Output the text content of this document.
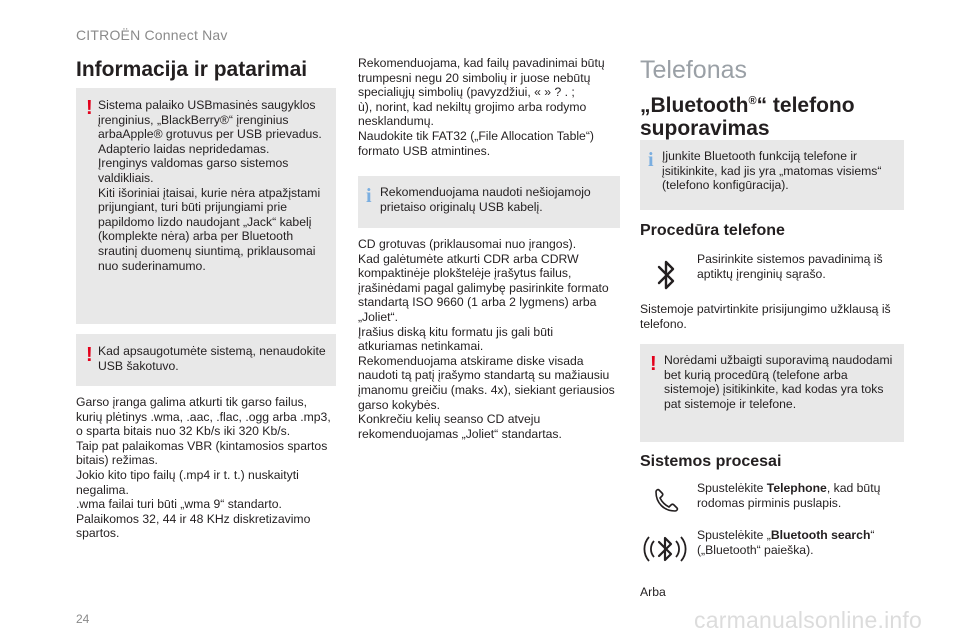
CITROËN Connect Nav
Informacija ir patarimai
! Sistema palaiko USBmasinės saugyklos
įrenginius, „BlackBerry®“ įrenginius
arbaApple® grotuvus per USB prievadus.
Adapterio laidas nepridedamas.
Įrenginys valdomas garso sistemos
valdikliais.
Kiti išoriniai įtaisai, kurie nėra atpažįstami
prijungiant, turi būti prijungiami prie
papildomo lizdo naudojant „Jack“ kabelį
(komplekte nėra) arba per Bluetooth
srautinį duomenų siuntimą, priklausomai
nuo suderinamumo.
! Kad apsaugotumėte sistemą, nenaudokite
USB šakotuvo.
Garso įranga galima atkurti tik garso failus,
kurių plėtinys .wma, .aac, .flac, .ogg arba .mp3,
o sparta bitais nuo 32 Kb/s iki 320 Kb/s.
Taip pat palaikomas VBR (kintamosios spartos
bitais) režimas.
Jokio kito tipo failų (.mp4 ir t. t.) nuskaityti
negalima.
.wma failai turi būti „wma 9“ standarto.
Palaikomos 32, 44 ir 48 KHz diskretizavimo
spartos.
Rekomenduojama, kad failų pavadinimai būtų
trumpesni negu 20 simbolių ir juose nebūtų
specialiųjų simbolių (pavyzdžiui, « » ? . ;
ù), norint, kad nekiltų grojimo arba rodymo
nesklandumų.
Naudokite tik FAT32 („File Allocation Table“)
formato USB atmintines.
i Rekomenduojama naudoti nešiojamojo
prietaiso originalų USB kabelį.
CD grotuvas (priklausomai nuo įrangos).
Kad galėtumėte atkurti CDR arba CDRW
kompaktinėje plokštelėje įrašytus failus,
įrašinėdami pagal galimybę pasirinkite formato
standartą ISO 9660 (1 arba 2 lygmens) arba
„Joliet“.
Įrašius diską kitu formatu jis gali būti
atkuriamas netinkamai.
Rekomenduojama atskirame diske visada
naudoti tą patį įrašymo standartą su mažiausiu
įmanomu greičiu (maks. 4x), siekiant geriausios
garso kokybės.
Konkrečiu kelių seanso CD atveju
rekomenduojamas „Joliet“ standartas.
Telefonas
„Bluetooth®“ telefono
suporavimas
i Įjunkite Bluetooth funkciją telefone ir
įsitikinkite, kad jis yra „matomas visiems“
(telefono konfigūracija).
Procedūra telefone
Pasirinkite sistemos pavadinimą iš
aptiktų įrenginių sąrašo.
Sistemoje patvirtinkite prisijungimo užklausą iš
telefono.
! Norėdami užbaigti suporavimą naudodami
bet kurią procedūrą (telefone arba
sistemoje) įsitikinkite, kad kodas yra toks
pat sistemoje ir telefone.
Sistemos procesai
Spustelėkite Telephone, kad būtų
rodomas pirminis puslapis.
Spustelėkite „Bluetooth search“
(„Bluetooth“ paieška).
Arba
24	carmanualsonline.info
